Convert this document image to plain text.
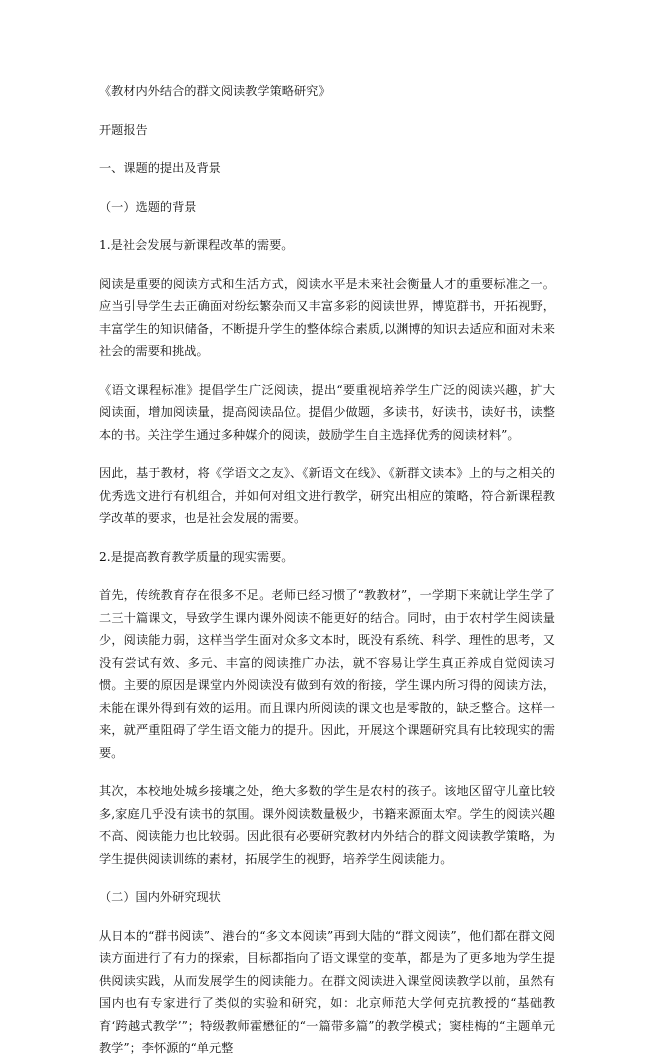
《教材内外结合的群文阅读教学策略研究》

开题报告

一、课题的提出及背景

（一）选题的背景

1.是社会发展与新课程改革的需要。

阅读是重要的阅读方式和生活方式，阅读水平是未来社会衡量人才的重要标准之一。应当引导学生去正确面对纷纭繁杂而又丰富多彩的阅读世界，博览群书，开拓视野，丰富学生的知识储备，不断提升学生的整体综合素质,以渊博的知识去适应和面对未来社会的需要和挑战。

《语文课程标准》提倡学生广泛阅读，提出“要重视培养学生广泛的阅读兴趣，扩大阅读面，增加阅读量，提高阅读品位。提倡少做题，多读书，好读书，读好书，读整本的书。关注学生通过多种媒介的阅读，鼓励学生自主选择优秀的阅读材料”。

因此，基于教材，将《学语文之友》、《新语文在线》、《新群文读本》上的与之相关的优秀选文进行有机组合，并如何对组文进行教学，研究出相应的策略，符合新课程教学改革的要求，也是社会发展的需要。

2.是提高教育教学质量的现实需要。

首先，传统教育存在很多不足。老师已经习惯了“教教材”，一学期下来就让学生学了二三十篇课文，导致学生课内课外阅读不能更好的结合。同时，由于农村学生阅读量少，阅读能力弱，这样当学生面对众多文本时，既没有系统、科学、理性的思考，又没有尝试有效、多元、丰富的阅读推广办法，就不容易让学生真正养成自觉阅读习惯。主要的原因是课堂内外阅读没有做到有效的衔接，学生课内所习得的阅读方法，未能在课外得到有效的运用。而且课内所阅读的课文也是零散的，缺乏整合。这样一来，就严重阻碍了学生语文能力的提升。因此，开展这个课题研究具有比较现实的需要。

其次，本校地处城乡接壤之处，绝大多数的学生是农村的孩子。该地区留守儿童比较多,家庭几乎没有读书的氛围。课外阅读数量极少，书籍来源面太窄。学生的阅读兴趣不高、阅读能力也比较弱。因此很有必要研究教材内外结合的群文阅读教学策略，为学生提供阅读训练的素材，拓展学生的视野，培养学生阅读能力。

（二）国内外研究现状

从日本的“群书阅读”、港台的“多文本阅读”再到大陆的“群文阅读”，他们都在群文阅读方面进行了有力的探索，目标都指向了语文课堂的变革，都是为了更多地为学生提供阅读实践，从而发展学生的阅读能力。在群文阅读进入课堂阅读教学以前，虽然有国内也有专家进行了类似的实验和研究，如：北京师范大学何克抗教授的“基础教育‘跨越式教学’”；特级教师霍懋征的“一篇带多篇”的教学模式；窦桂梅的“主题单元教学”；李怀源的“单元整
